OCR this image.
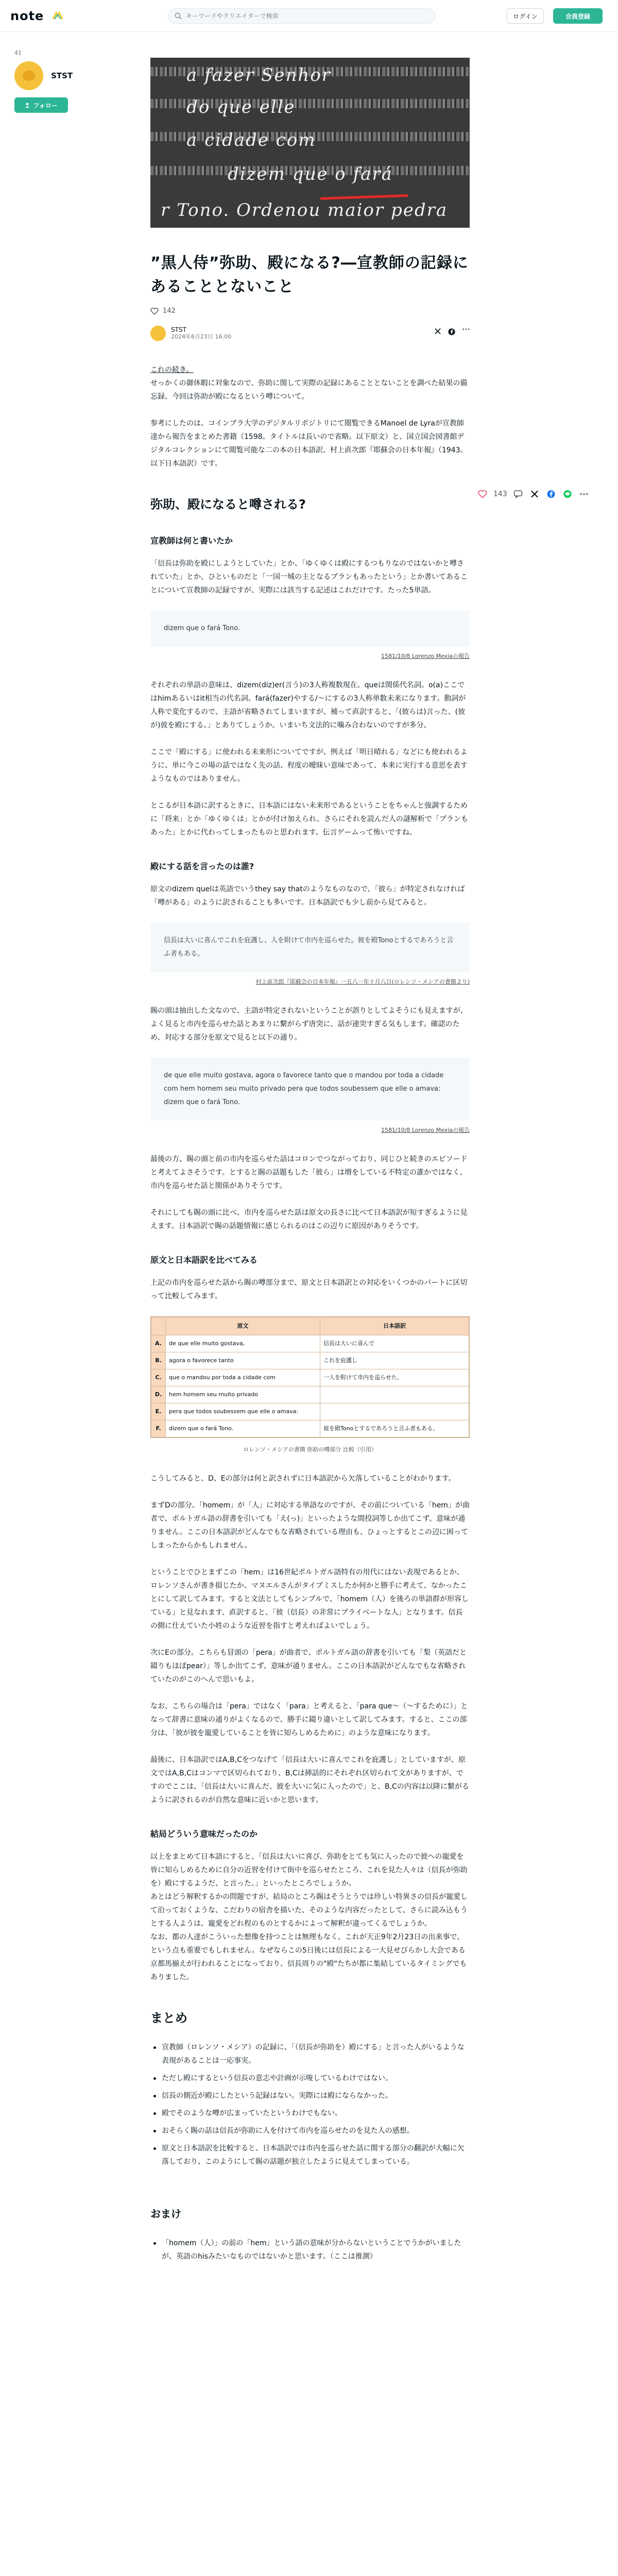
note
キーワードやクリエイターで検索	ログイン	会員登録
41
STST
フォロー
143
a fazer Senhor
do que elle
a cidade com
dizem que o fará
r Tono. Ordenou maior pedra
”黒人侍”弥助、殿になる?―宣教師の記録にあることとないこと
142
STST
2024年6月23日 16:00

これの続き。

せっかくの御休暇に対象なので、弥助に関して実際の記録にあることとないことを調べた結果の備忘録。今回は弥助が殿になるという噂について。

参考にしたのは、コインブラ大学のデジタルリポジトリにて閲覧できるManoel de Lyraが宣教師達から報告をまとめた書籍（1598。タイトルは長いので省略。以下原文）と、国立国会図書館デジタルコレクションにて閲覧可能な二の本の日本語訳、村上直次郎『耶蘇会の日本年報』（1943。以下日本語訳）です。

弥助、殿になると噂される?
宣教師は何と書いたか

「信長は弥助を殿にしようとしていた」とか、「ゆくゆくは殿にするつもりなのではないかと噂されていた」とか、ひといものだと「一国一城の主となるプランもあったという」とか書いてあることについて宣教師の記録ですが、実際には該当する記述はこれだけです。たった5単語。

dizem que o fará Tono.
1581/10/8 Lorenzo Mexiaの報告

それぞれの単語の意味は、dizem(diz)er(言う)の3人称複数現在。queは関係代名詞。o(a)ここではhimあるいはit相当の代名詞。fará(fazer)やする/～にするの3人称単数未来になります。動詞が人称で変化するので、主語が省略されてしまいますが、補って直訳すると、「(彼らは)言った、(彼が)彼を殿にする。」とありてしょうか。いまいち文法的に噛み合わないのですが多分。

ここで「殿にする」に使われる未来形についてですが、例えば「明日晴れる」などにも使われるように、単に今この場の話ではなく先の話、程度の曖昧い意味であって、本来に実行する意思を表すようなものではありません。

とこるが日本語に訳するときに、日本語にはない未来形であるということをちゃんと強調するために「将来」とか「ゆくゆくは」とかが付け加えられ、さらにそれを読んだ人の謎解析で「プランもあった」とかに代わってしまったものと思われます。伝言ゲームって怖いですね。

殿にする話を言ったのは誰?

原文のdizem quelは英語でいうthey say thatのようなものなので、「彼ら」が特定されなければ「噂がある」のように訳されることも多いです。日本語訳でも少し前から見てみると。

信長は大いに喜んでこれを庇護し、人を附けて市内を巡らせた。彼を殿Tonoとするであろうと言ふ者もある。
村上直次郎『耶蘇会の日本年報』一五八一年十月八日(ロレンソ・メシアの書簡より)

賜の頭は抽出した文なので、主語が特定されないということが誤りとしてよそうにも見えますが、よく見ると市内を巡らせた話とあまりに繋がらず唐突に、話が連突すぎる気もします。確認のため、対応する部分を原文で見ると以下の通り。

de que elle muito gostava, agora o favorece tanto que o mandou por toda a cidade com hem homem seu muito privado pera que todos soubessem que elle o amava: dizem que o fará Tono.
1581/10/8 Lorenzo Mexiaの報告

最後の方、賜の頭と前の市内を巡らせた話はコロンでつながっており、同じひと続きのエピソードと考えてよさそうです。とすると賜の話題もした「彼ら」は増をしている不特定の誰かではなく、市内を巡らせた話と関係がありそうです。

それにしても賜の頭に比べ、市内を巡らせた話は原文の長さに比べて日本語訳が短すぎるように見えます。日本語訳で賜の話題情報に感じられるのはこの辺りに原因がありそうです。

原文と日本語訳を比べてみる

上記の市内を巡らせた話から賜の噂部分まで、原文と日本語訳との対応をいくつかのパートに区切って比較してみます。

	原文	日本語訳
A.	de que elle muito gostava,	信長は大いに喜んで
B.	agora o favorece tanto	これを庇護し
C.	que o mandou por toda a cidade com	一人を附けて市内を巡らせた。
D.	hem homem seu muito privado	
E.	pera que todos soubessem que elle o amava:	
F.	dizem que o fará Tono.	彼を殿Tonoとするであろうと言ふ者もある。
ロレンソ・メシアの書簡 弥助の噂部分 比較（引用）

こうしてみると、D、Eの部分は何と訳されずに日本語訳から欠落していることがわかります。

まずDの部分。「homem」が「人」に対応する単語なのですが、その前についている「hem」が曲者で、ポルトガル語の辞書を引いても「え(っ)」といったような間投詞等しか出てこず、意味が通りません。ここの日本語訳がどんなでもな省略されている理由も、ひょっとするとこの辺に困ってしまったからかもしれません。

ということでひとまずこの「hem」は16世紀ポルトガル語特有の用代にはない表現であるとか、ロレンソさんが書き損じたか、マヌエルさんがタイプミスしたか何かと勝手に考えて、なかったことにして訳してみます。すると文法としてもシンプルで、「homem（人）を後ろの単語群が形容している」と見なれます、直訳すると、「彼（信長）の非常にプライベートな人」となります。信長の側に仕えていた小姓のような近習を指すと考えればよいでしょう。

次にEの部分。こちらも冒頭の「pera」が曲者で、ポルトガル語の辞書を引いても「梨（英語だと綴りもほぼpear）」等しか出てこず、意味が通りません。ここの日本語訳がどんなでもな省略されていたのがこのへんで思いもよ。

なお、こちらの場合は「pera」ではなく「para」と考えると、「para que～（～するために）」となって辞書に意味の通りがよくなるので、勝手に綴り違いとして訳してみます。すると、ここの部分は、「彼が彼を寵愛していることを皆に知らしめるために」のような意味になります。

最後に、日本語訳ではA,B,Cをつなげて「信長は大いに喜んでこれを庇護し」としていますが、原文ではA,B,Cはコンマで区切られており、B,Cは挿話的にそれぞれ区切られて文がありますが、ですのでここは、「信長は大いに喜んだ、彼を大いに気に入ったので」と、B,Cの内容は以降に繋がるように訳されるのが自然な意味に近いかと思います。

結局どういう意味だったのか

以上をまとめて日本語にすると、「信長は大いに喜び、弥助をとても気に入ったので彼への寵愛を皆に知らしめるために自分の近習を付けて街中を巡らせたところ、これを見た人々は（信長が弥助を）殿にするようだ、と言った。」といったところでしょうか。

あとはどう解釈するかの問題ですが、結局のところ賜はそうとうでは珍しい特異さの信長が寵愛して沿っておくような、こだわりの宿舎を描いた、そのような内容だったとして、さらに読み込もうとする人ようは、寵愛をどれ程のものとするかによって解釈が違ってくるでしょうか。

なお、都の人達がこういった想像を持つことは無理もなく、これが天正9年2月23日の出来事で、という点も重要でもしれません。なぜならこの5日後には信長による一大見せびらかし大会である京都馬揃えが行われることになっており、信長周りの"殿"たちが都に集結しているタイミングでもありました。

まとめ
宣教師（ロレンソ・メシア）の記録に、「（信長が弥助を）殿にする」と言った人がいるような表現があることは一応事実。
ただし殿にするという信長の意志や計画が示唆しているわけではない。
信長の側近が殿にしたという記録はない。実際には殿にならなかった。
殿でそのような噂が広まっていたというわけでもない。
おそらく賜の話は信長が弥助に人を付けて市内を巡らせたのを見た人の感想。
原文と日本語訳を比較すると、日本語訳では市内を巡らせた話に関する部分の翻訳が大幅に欠落しており、このようにして賜の話題が独立したように見えてしまっている。
おまけ
「homem（人）」の前の「hem」という語の意味が分からないということでうかがいましたが、英語のhisみたいなものではないかと思います。（ここは推測）
